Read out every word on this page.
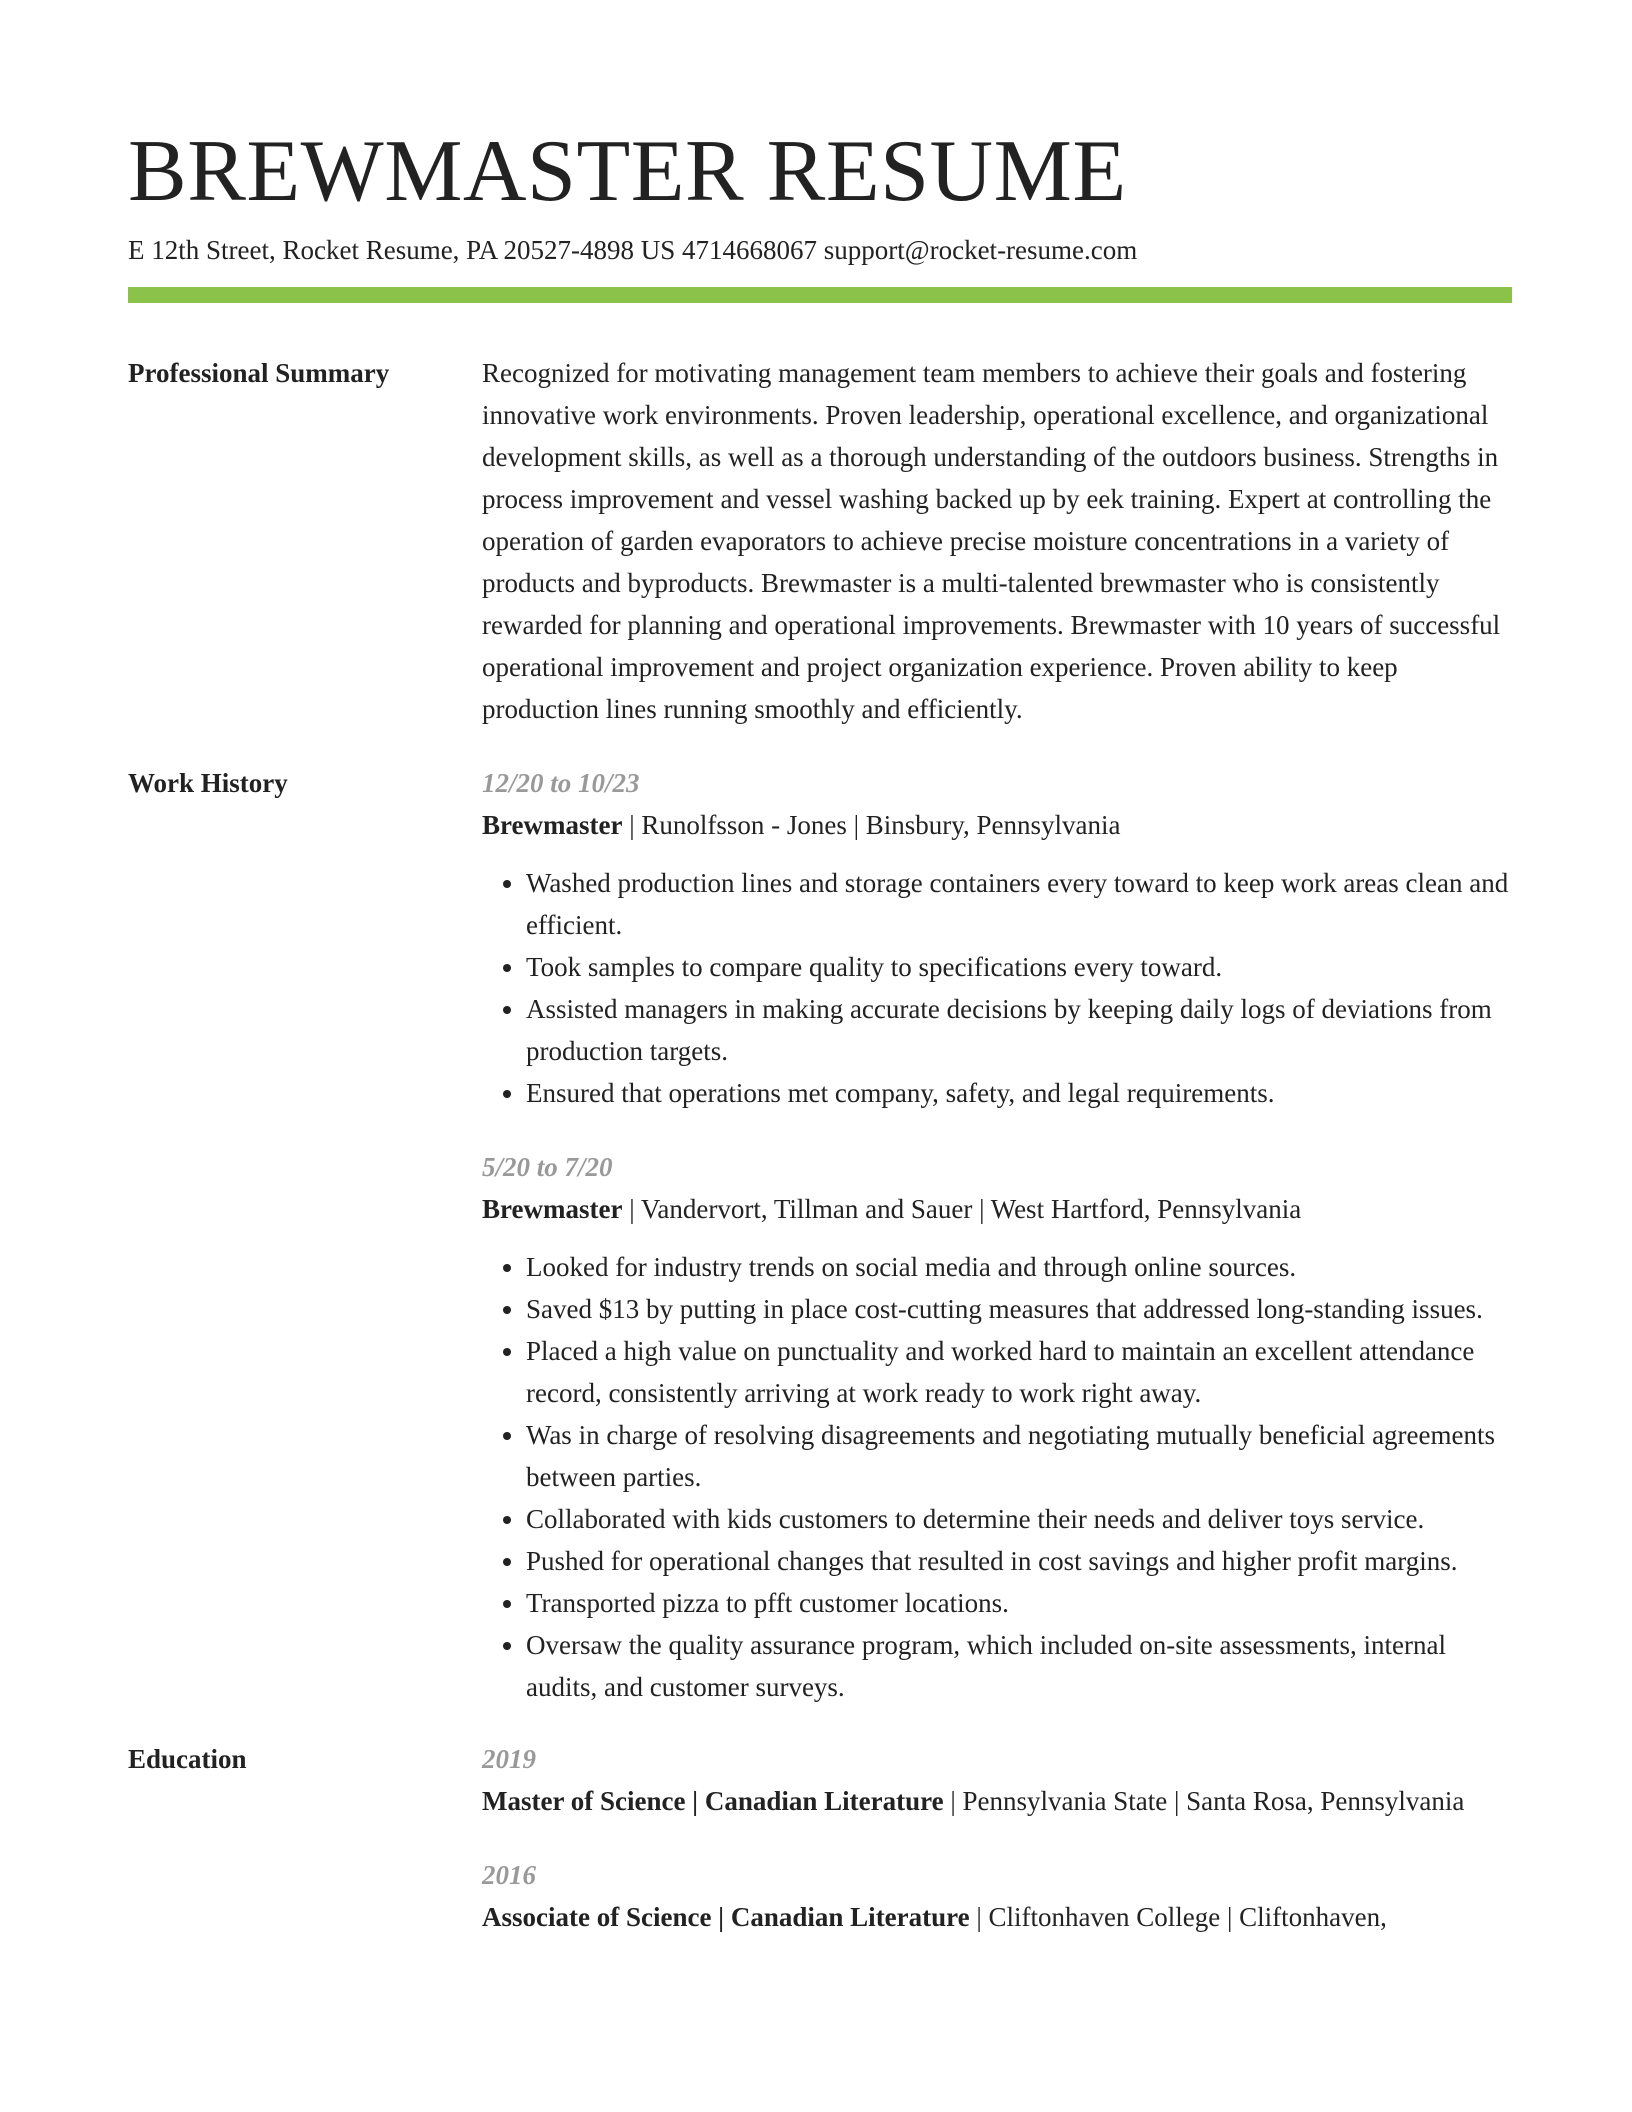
BREWMASTER RESUME
E 12th Street, Rocket Resume, PA 20527-4898 US 4714668067 support@rocket-resume.com
Professional Summary	Recognized for motivating management team members to achieve their goals and fostering innovative work environments. Proven leadership, operational excellence, and organizational development skills, as well as a thorough understanding of the outdoors business. Strengths in process improvement and vessel washing backed up by eek training. Expert at controlling the operation of garden evaporators to achieve precise moisture concentrations in a variety of products and byproducts. Brewmaster is a multi-talented brewmaster who is consistently rewarded for planning and operational improvements. Brewmaster with 10 years of successful operational improvement and project organization experience. Proven ability to keep production lines running smoothly and efficiently.

Work History	12/20 to 10/23
Brewmaster | Runolfsson - Jones | Binsbury, Pennsylvania
• Washed production lines and storage containers every toward to keep work areas clean and efficient.
• Took samples to compare quality to specifications every toward.
• Assisted managers in making accurate decisions by keeping daily logs of deviations from production targets.
• Ensured that operations met company, safety, and legal requirements.
5/20 to 7/20
Brewmaster | Vandervort, Tillman and Sauer | West Hartford, Pennsylvania
• Looked for industry trends on social media and through online sources.
• Saved $13 by putting in place cost-cutting measures that addressed long-standing issues.
• Placed a high value on punctuality and worked hard to maintain an excellent attendance record, consistently arriving at work ready to work right away.
• Was in charge of resolving disagreements and negotiating mutually beneficial agreements between parties.
• Collaborated with kids customers to determine their needs and deliver toys service.
• Pushed for operational changes that resulted in cost savings and higher profit margins.
• Transported pizza to pfft customer locations.
• Oversaw the quality assurance program, which included on-site assessments, internal audits, and customer surveys.
Education	2019
Master of Science | Canadian Literature | Pennsylvania State | Santa Rosa, Pennsylvania
2016
Associate of Science | Canadian Literature | Cliftonhaven College | Cliftonhaven,
